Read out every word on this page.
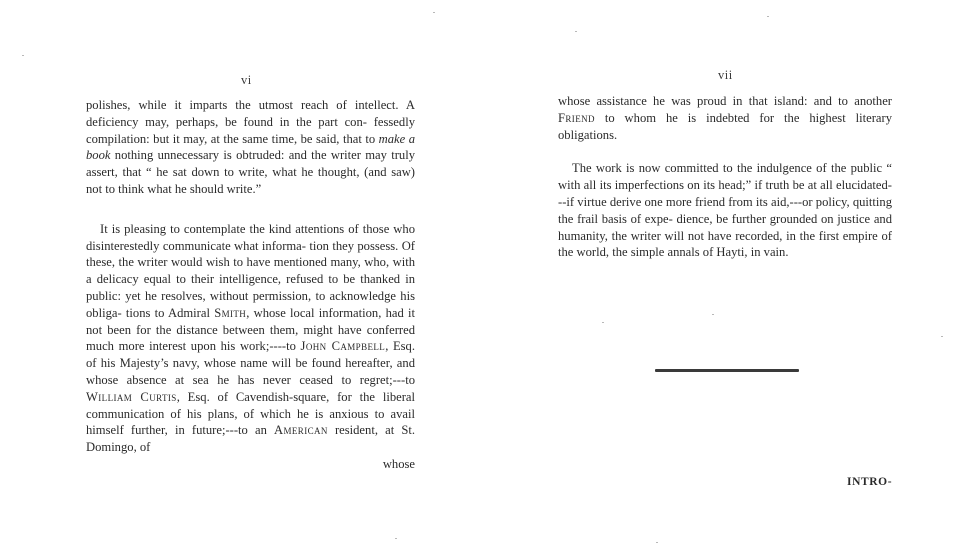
vi

polishes, while it imparts the utmost reach of intellect. A deficiency may, perhaps, be found in the part con- fessedly compilation: but it may, at the same time, be said, that to make a book nothing unnecessary is obtruded: and the writer may truly assert, that “ he sat down to write, what he thought, (and saw) not to think what he should write.”

It is pleasing to contemplate the kind attentions of those who disinterestedly communicate what informa- tion they possess. Of these, the writer would wish to have mentioned many, who, with a delicacy equal to their intelligence, refused to be thanked in public: yet he resolves, without permission, to acknowledge his obliga- tions to Admiral Smith, whose local information, had it not been for the distance between them, might have conferred much more interest upon his work;----to John Campbell, Esq. of his Majesty’s navy, whose name will be found hereafter, and whose absence at sea he has never ceased to regret;---to William Curtis, Esq. of Cavendish-square, for the liberal communication of his plans, of which he is anxious to avail himself further, in future;---to an American resident, at St. Domingo, of

whose

vii

whose assistance he was proud in that island: and to another Friend to whom he is indebted for the highest literary obligations.

The work is now committed to the indulgence of the public “ with all its imperfections on its head;” if truth be at all elucidated---if virtue derive one more friend from its aid,---or policy, quitting the frail basis of expe- dience, be further grounded on justice and humanity, the writer will not have recorded, in the first empire of the world, the simple annals of Hayti, in vain.

INTRO-
